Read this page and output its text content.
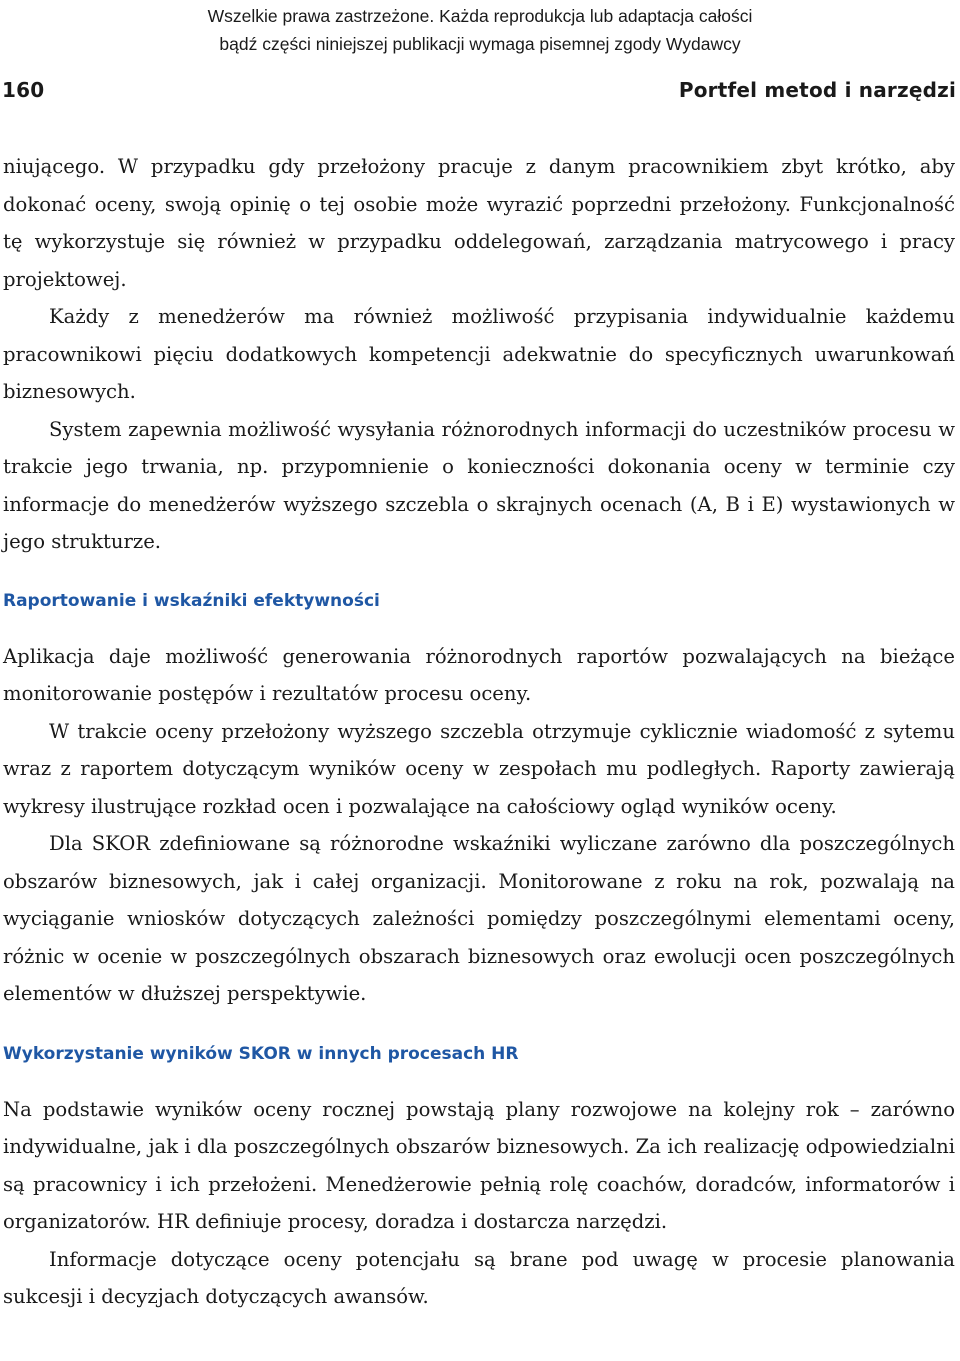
Wszelkie prawa zastrzeżone. Każda reprodukcja lub adaptacja całości
bądź części niniejszej publikacji wymaga pisemnej zgody Wydawcy
160	Portfel metod i narzędzi

niującego. W przypadku gdy przełożony pracuje z danym pracownikiem zbyt krótko, aby dokonać oceny, swoją opinię o tej osobie może wyrazić poprzedni przełożony. Funkcjonalność tę wykorzystuje się również w przypadku oddelegowań, zarządzania matrycowego i pracy projektowej.

Każdy z menedżerów ma również możliwość przypisania indywidualnie każdemu pracownikowi pięciu dodatkowych kompetencji adekwatnie do specyficznych uwarunkowań biznesowych.

System zapewnia możliwość wysyłania różnorodnych informacji do uczestników procesu w trakcie jego trwania, np. przypomnienie o konieczności dokonania oceny w terminie czy informacje do menedżerów wyższego szczebla o skrajnych ocenach (A, B i E) wystawionych w jego strukturze.

Raportowanie i wskaźniki efektywności

Aplikacja daje możliwość generowania różnorodnych raportów pozwalających na bieżące monitorowanie postępów i rezultatów procesu oceny.

W trakcie oceny przełożony wyższego szczebla otrzymuje cyklicznie wiadomość z sytemu wraz z raportem dotyczącym wyników oceny w zespołach mu podległych. Raporty zawierają wykresy ilustrujące rozkład ocen i pozwalające na całościowy ogląd wyników oceny.

Dla SKOR zdefiniowane są różnorodne wskaźniki wyliczane zarówno dla poszczególnych obszarów biznesowych, jak i całej organizacji. Monitorowane z roku na rok, pozwalają na wyciąganie wniosków dotyczących zależności pomiędzy poszczególnymi elementami oceny, różnic w ocenie w poszczególnych obszarach biznesowych oraz ewolucji ocen poszczególnych elementów w dłuższej perspektywie.

Wykorzystanie wyników SKOR w innych procesach HR

Na podstawie wyników oceny rocznej powstają plany rozwojowe na kolejny rok – zarówno indywidualne, jak i dla poszczególnych obszarów biznesowych. Za ich realizację odpowiedzialni są pracownicy i ich przełożeni. Menedżerowie pełnią rolę coachów, doradców, informatorów i organizatorów. HR definiuje procesy, doradza i dostarcza narzędzi.

Informacje dotyczące oceny potencjału są brane pod uwagę w procesie planowania sukcesji i decyzjach dotyczących awansów.
